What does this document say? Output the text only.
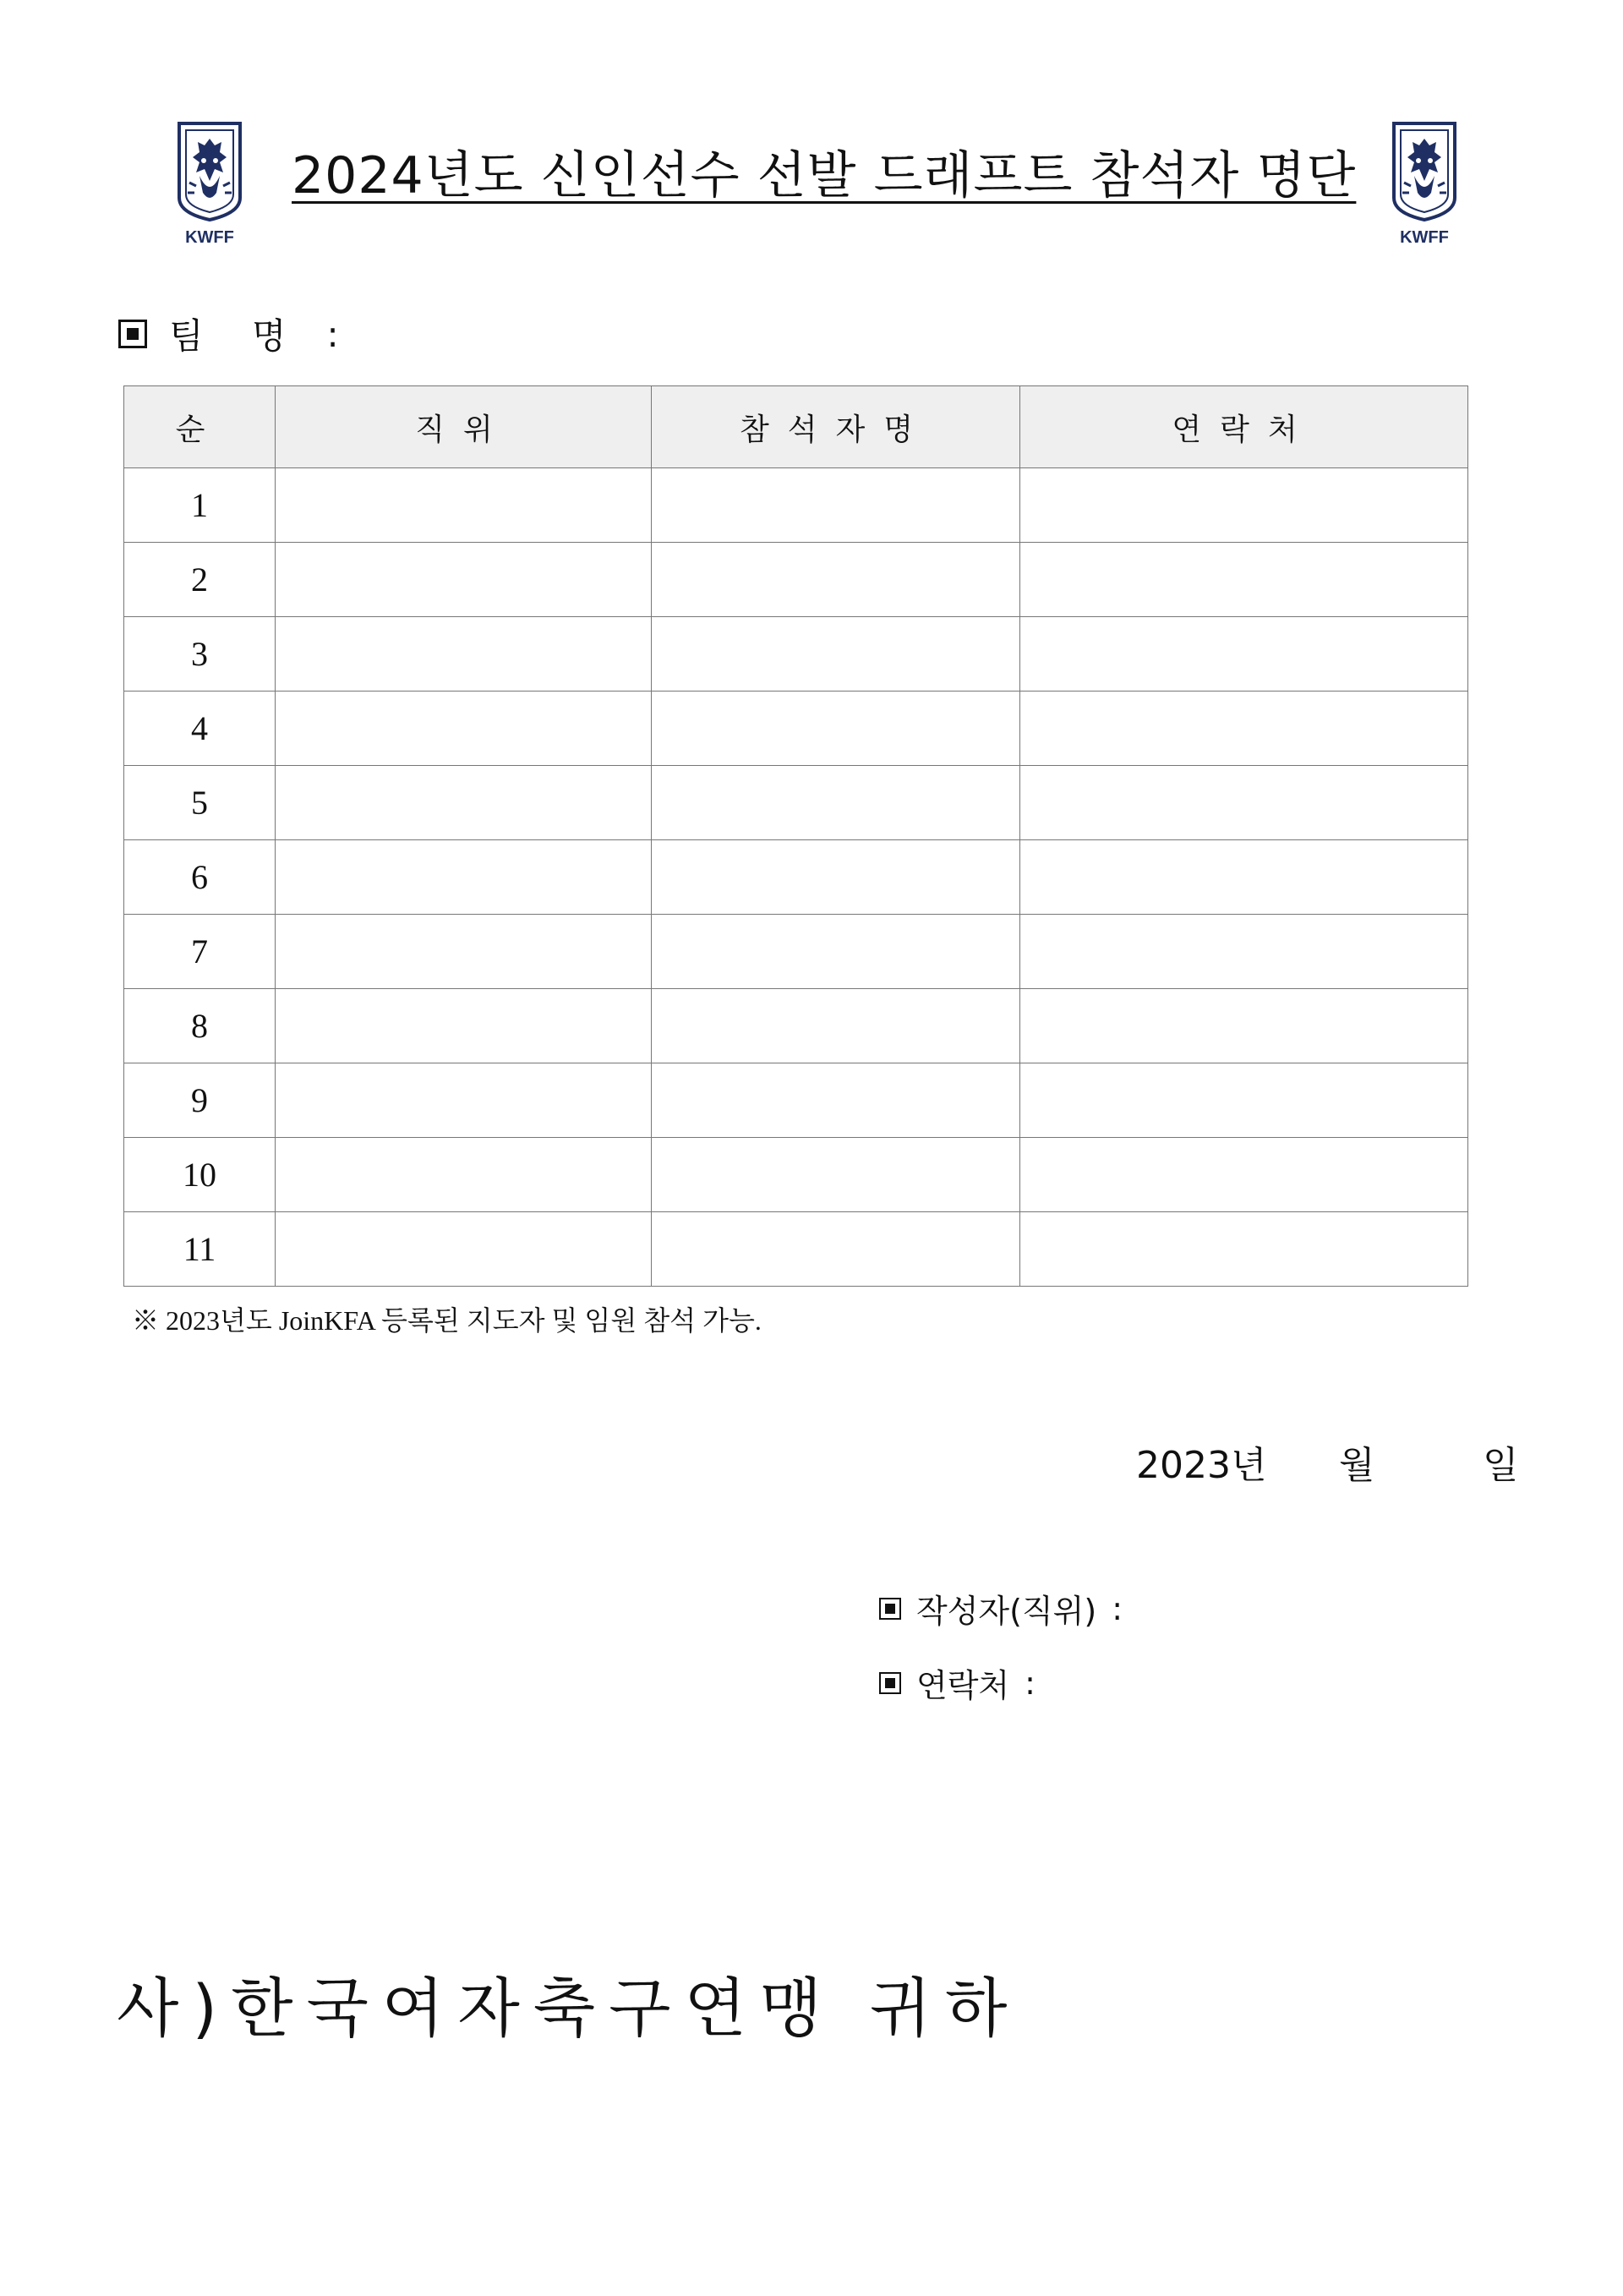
KWFF	KWFF
2024년도 신인선수 선발 드래프트 참석자 명단
팀 명 :
순	직위	참석자명	연락처
1			
2			
3			
4			
5			
6			
7			
8			
9			
10			
11			
※ 2023년도 JoinKFA 등록된 지도자 및 임원 참석 가능.
2023년 월	일
작성자(직위) :
연락처 :
사)한국여자축구연맹 귀하
